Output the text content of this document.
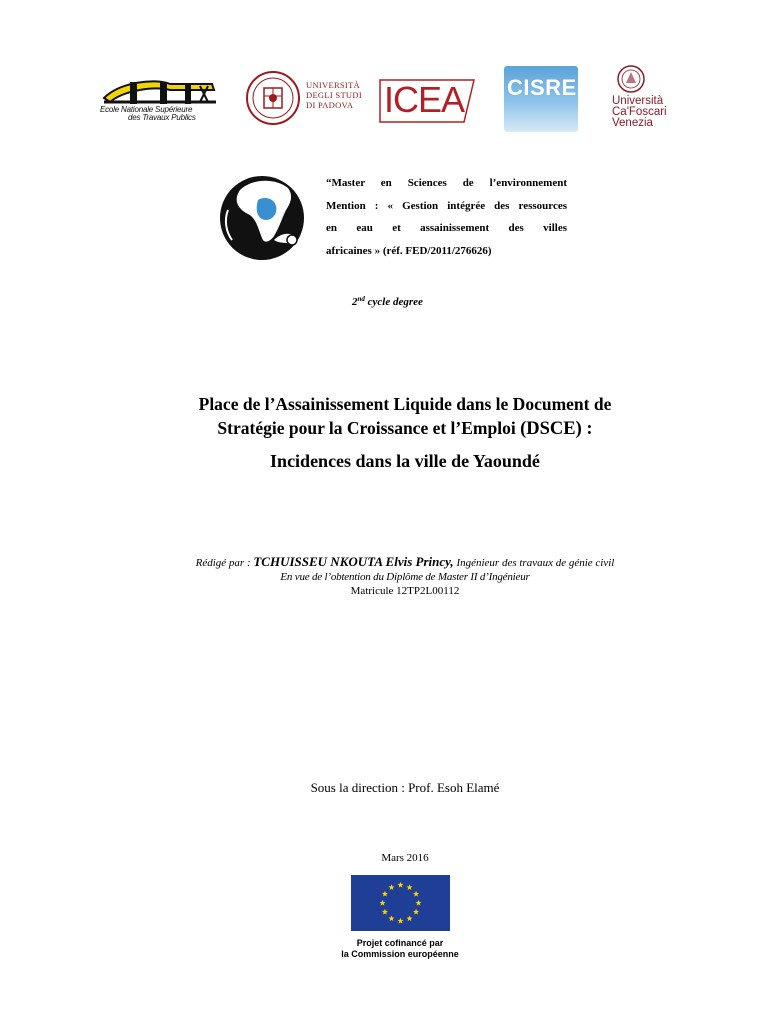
Ecole Nationale Supérieure
des Travaux Publics
UNIVERSITÀ
DEGLI STUDI
DI PADOVA ICEA CISRE
Università
Ca'Foscari
Venezia
“Master en Sciences de l’environnement
Mention : « Gestion intégrée des ressources
en eau et assainissement des villes
africaines » (réf. FED/2011/276626)
2nd cycle degree
Place de l’Assainissement Liquide dans le Document de
Stratégie pour la Croissance et l’Emploi (DSCE) :
Incidences dans la ville de Yaoundé
Rédigé par : TCHUISSEU NKOUTA Elvis Princy, Ingénieur des travaux de génie civil
En vue de l’obtention du Diplôme de Master II d’Ingénieur
Matricule 12TP2L00112
Sous la direction : Prof. Esoh Elamé
Mars 2016
Projet cofinancé par
la Commission européenne
